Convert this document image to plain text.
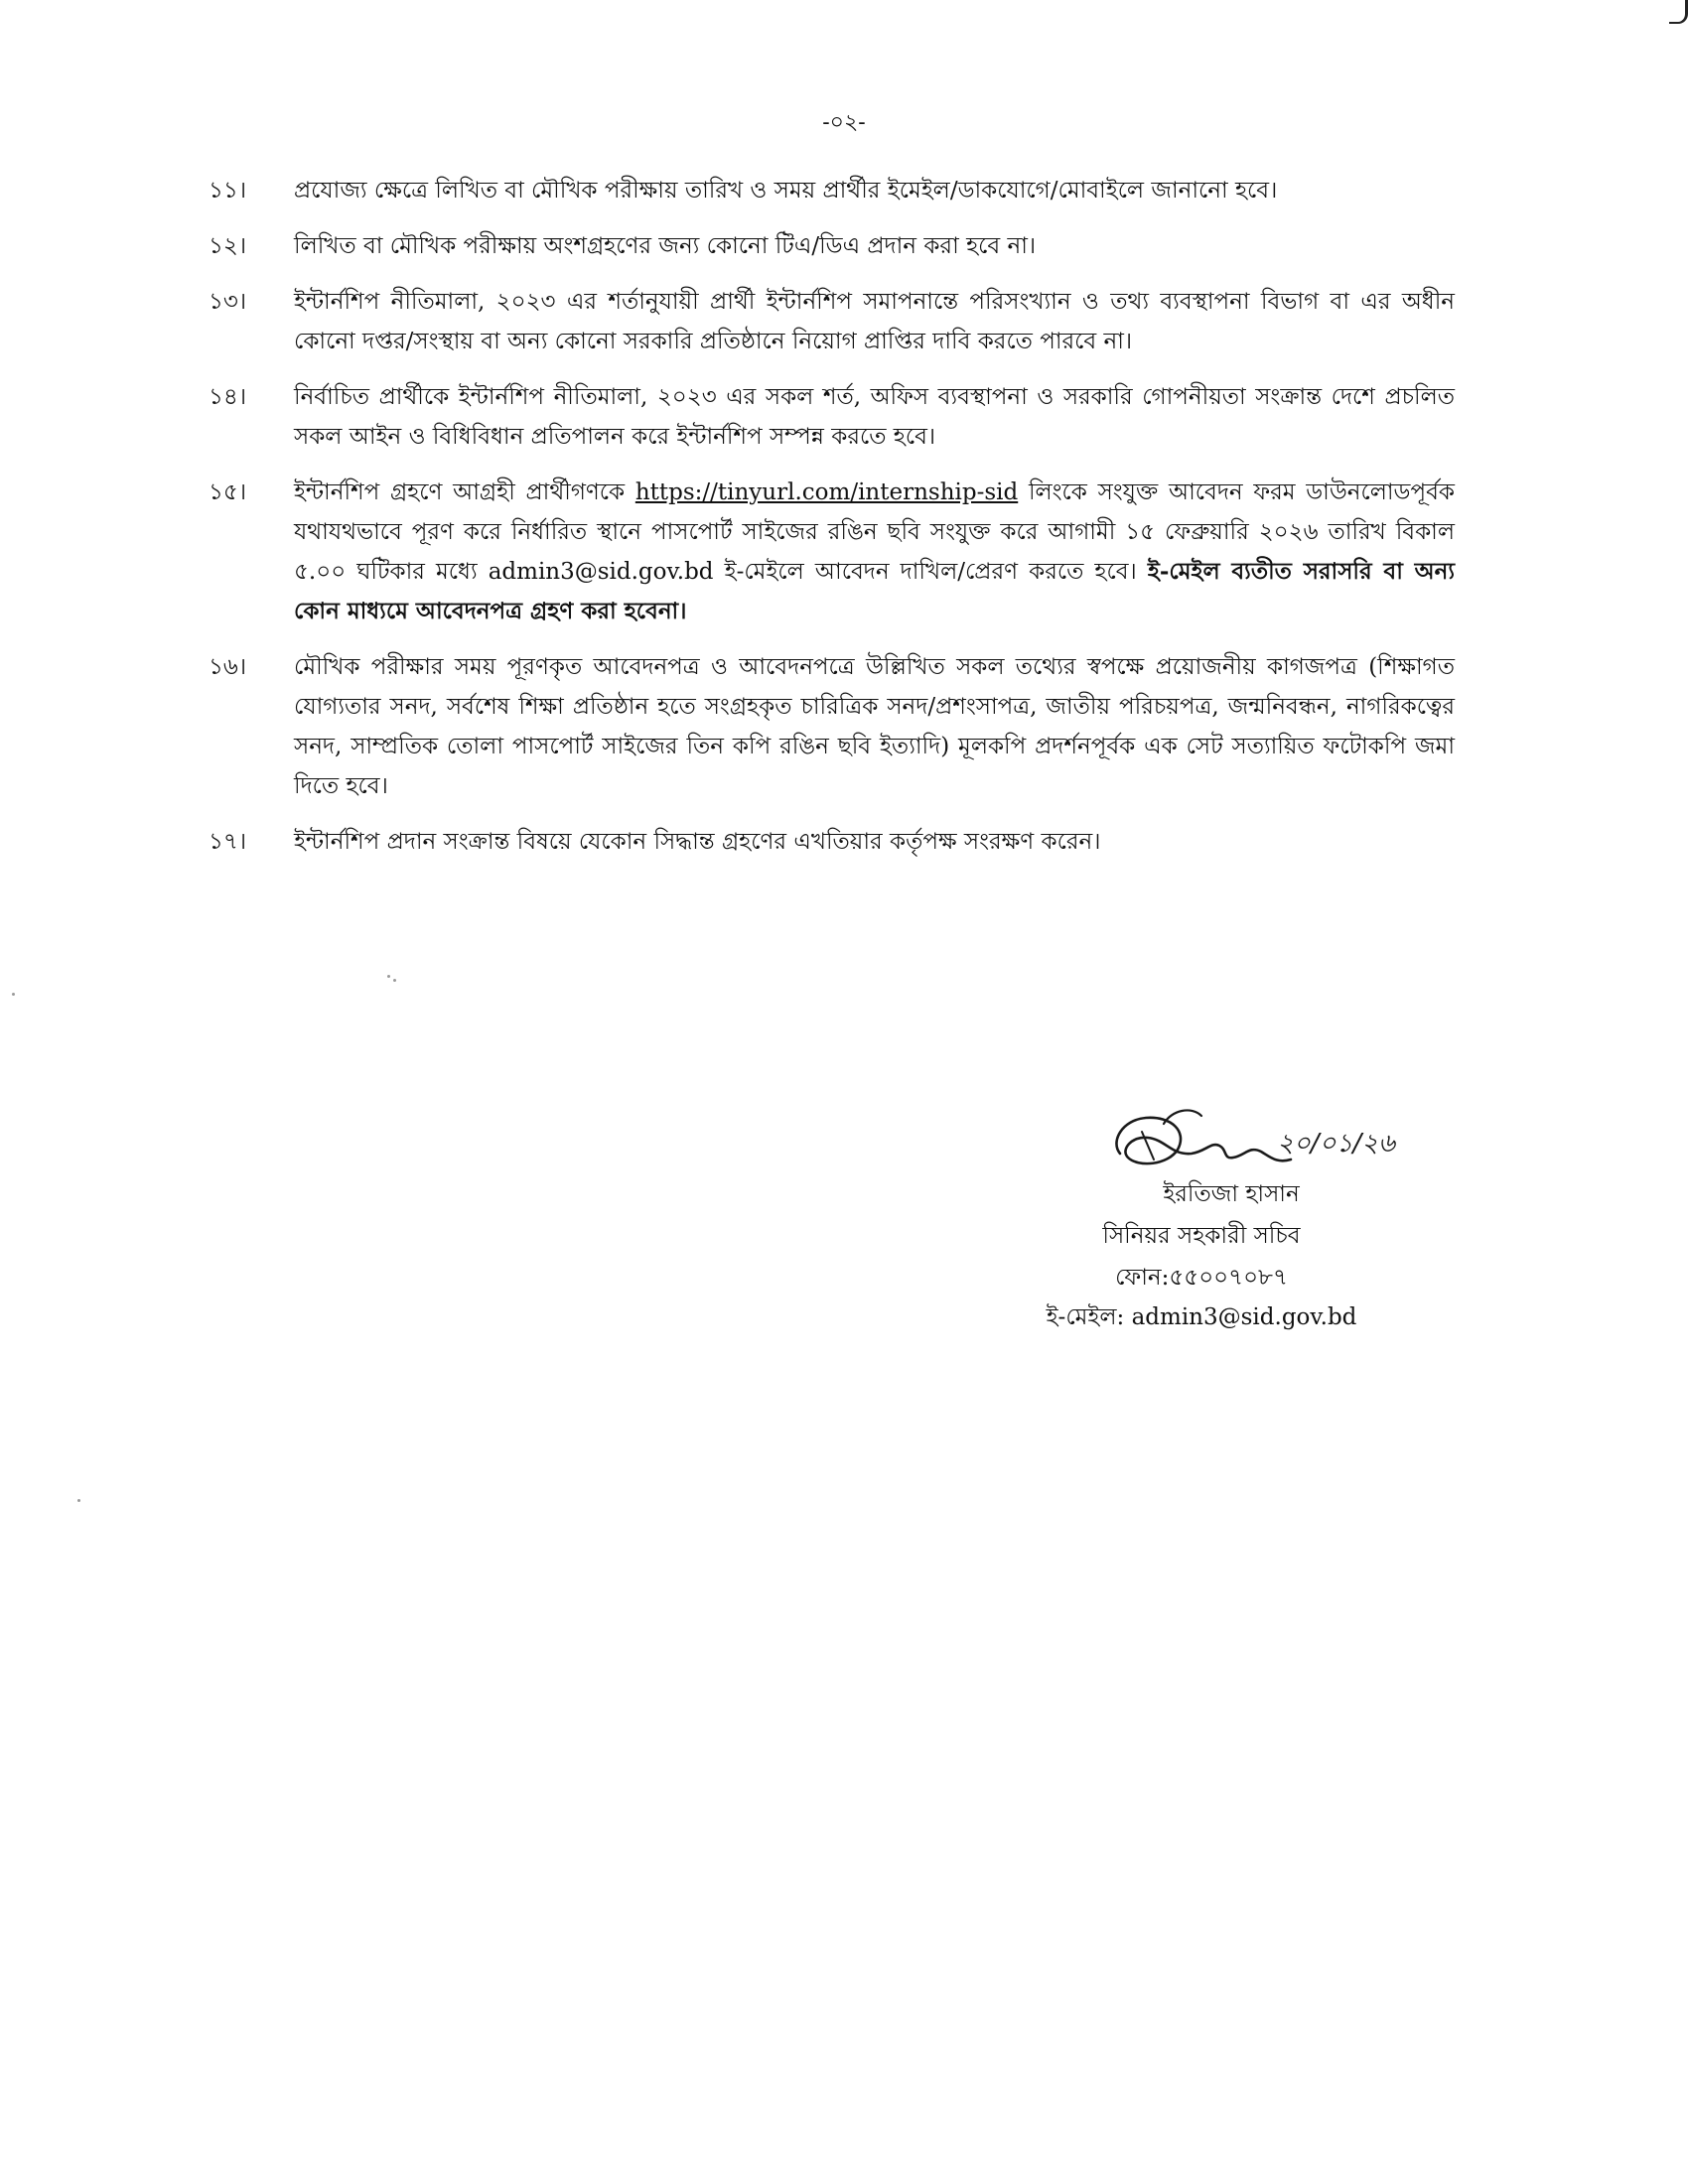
-০২-
১১।	প্রযোজ্য ক্ষেত্রে লিখিত বা মৌখিক পরীক্ষায় তারিখ ও সময় প্রার্থীর ইমেইল/ডাকযোগে/মোবাইলে জানানো হবে।
১২।	লিখিত বা মৌখিক পরীক্ষায় অংশগ্রহণের জন্য কোনো টিএ/ডিএ প্রদান করা হবে না।
১৩।	ইন্টার্নশিপ নীতিমালা, ২০২৩ এর শর্তানুযায়ী প্রার্থী ইন্টার্নশিপ সমাপনান্তে পরিসংখ্যান ও তথ্য ব্যবস্থাপনা বিভাগ বা এর অধীন কোনো দপ্তর/সংস্থায় বা অন্য কোনো সরকারি প্রতিষ্ঠানে নিয়োগ প্রাপ্তির দাবি করতে পারবে না।
১৪।	নির্বাচিত প্রার্থীকে ইন্টার্নশিপ নীতিমালা, ২০২৩ এর সকল শর্ত, অফিস ব্যবস্থাপনা ও সরকারি গোপনীয়তা সংক্রান্ত দেশে প্রচলিত সকল আইন ও বিধিবিধান প্রতিপালন করে ইন্টার্নশিপ সম্পন্ন করতে হবে।
১৫।	ইন্টার্নশিপ গ্রহণে আগ্রহী প্রার্থীগণকে https://tinyurl.com/internship-sid লিংকে সংযুক্ত আবেদন ফরম ডাউনলোডপূর্বক যথাযথভাবে পূরণ করে নির্ধারিত স্থানে পাসপোর্ট সাইজের রঙিন ছবি সংযুক্ত করে আগামী ১৫ ফেব্রুয়ারি ২০২৬ তারিখ বিকাল ৫.০০ ঘটিকার মধ্যে admin3@sid.gov.bd ই-মেইলে আবেদন দাখিল/প্রেরণ করতে হবে। ই-মেইল ব্যতীত সরাসরি বা অন্য কোন মাধ্যমে আবেদনপত্র গ্রহণ করা হবেনা।
১৬।	মৌখিক পরীক্ষার সময় পূরণকৃত আবেদনপত্র ও আবেদনপত্রে উল্লিখিত সকল তথ্যের স্বপক্ষে প্রয়োজনীয় কাগজপত্র (শিক্ষাগত যোগ্যতার সনদ, সর্বশেষ শিক্ষা প্রতিষ্ঠান হতে সংগ্রহকৃত চারিত্রিক সনদ/প্রশংসাপত্র, জাতীয় পরিচয়পত্র, জন্মনিবন্ধন, নাগরিকত্বের সনদ, সাম্প্রতিক তোলা পাসপোর্ট সাইজের তিন কপি রঙিন ছবি ইত্যাদি) মূলকপি প্রদর্শনপূর্বক এক সেট সত্যায়িত ফটোকপি জমা দিতে হবে।
১৭।	ইন্টার্নশিপ প্রদান সংক্রান্ত বিষয়ে যেকোন সিদ্ধান্ত গ্রহণের এখতিয়ার কর্তৃপক্ষ সংরক্ষণ করেন।
২০/০১/২৬
ইরতিজা হাসান
সিনিয়র সহকারী সচিব
ফোন:৫৫০০৭০৮৭
ই-মেইল: admin3@sid.gov.bd
